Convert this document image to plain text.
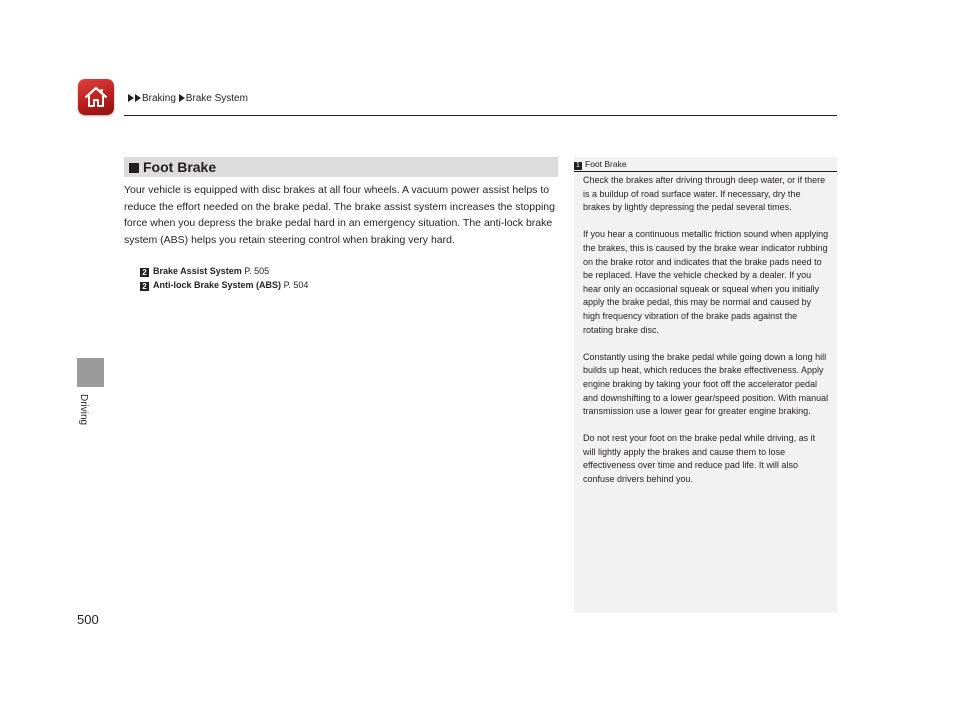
Braking Brake System
Driving
Foot Brake

Your vehicle is equipped with disc brakes at all four wheels. A vacuum power assist helps to reduce the effort needed on the brake pedal. The brake assist system increases the stopping force when you depress the brake pedal hard in an emergency situation. The anti-lock brake system (ABS) helps you retain steering control when braking very hard.

2 Brake Assist System P. 505
2 Anti-lock Brake System (ABS) P. 504
1 Foot Brake

Check the brakes after driving through deep water, or if there is a buildup of road surface water. If necessary, dry the brakes by lightly depressing the pedal several times.

If you hear a continuous metallic friction sound when applying the brakes, this is caused by the brake wear indicator rubbing on the brake rotor and indicates that the brake pads need to be replaced. Have the vehicle checked by a dealer. If you hear only an occasional squeak or squeal when you initially apply the brake pedal, this may be normal and caused by high frequency vibration of the brake pads against the rotating brake disc.

Constantly using the brake pedal while going down a long hill builds up heat, which reduces the brake effectiveness. Apply engine braking by taking your foot off the accelerator pedal and downshifting to a lower gear/speed position. With manual transmission use a lower gear for greater engine braking.

Do not rest your foot on the brake pedal while driving, as it will lightly apply the brakes and cause them to lose effectiveness over time and reduce pad life. It will also confuse drivers behind you.

500
